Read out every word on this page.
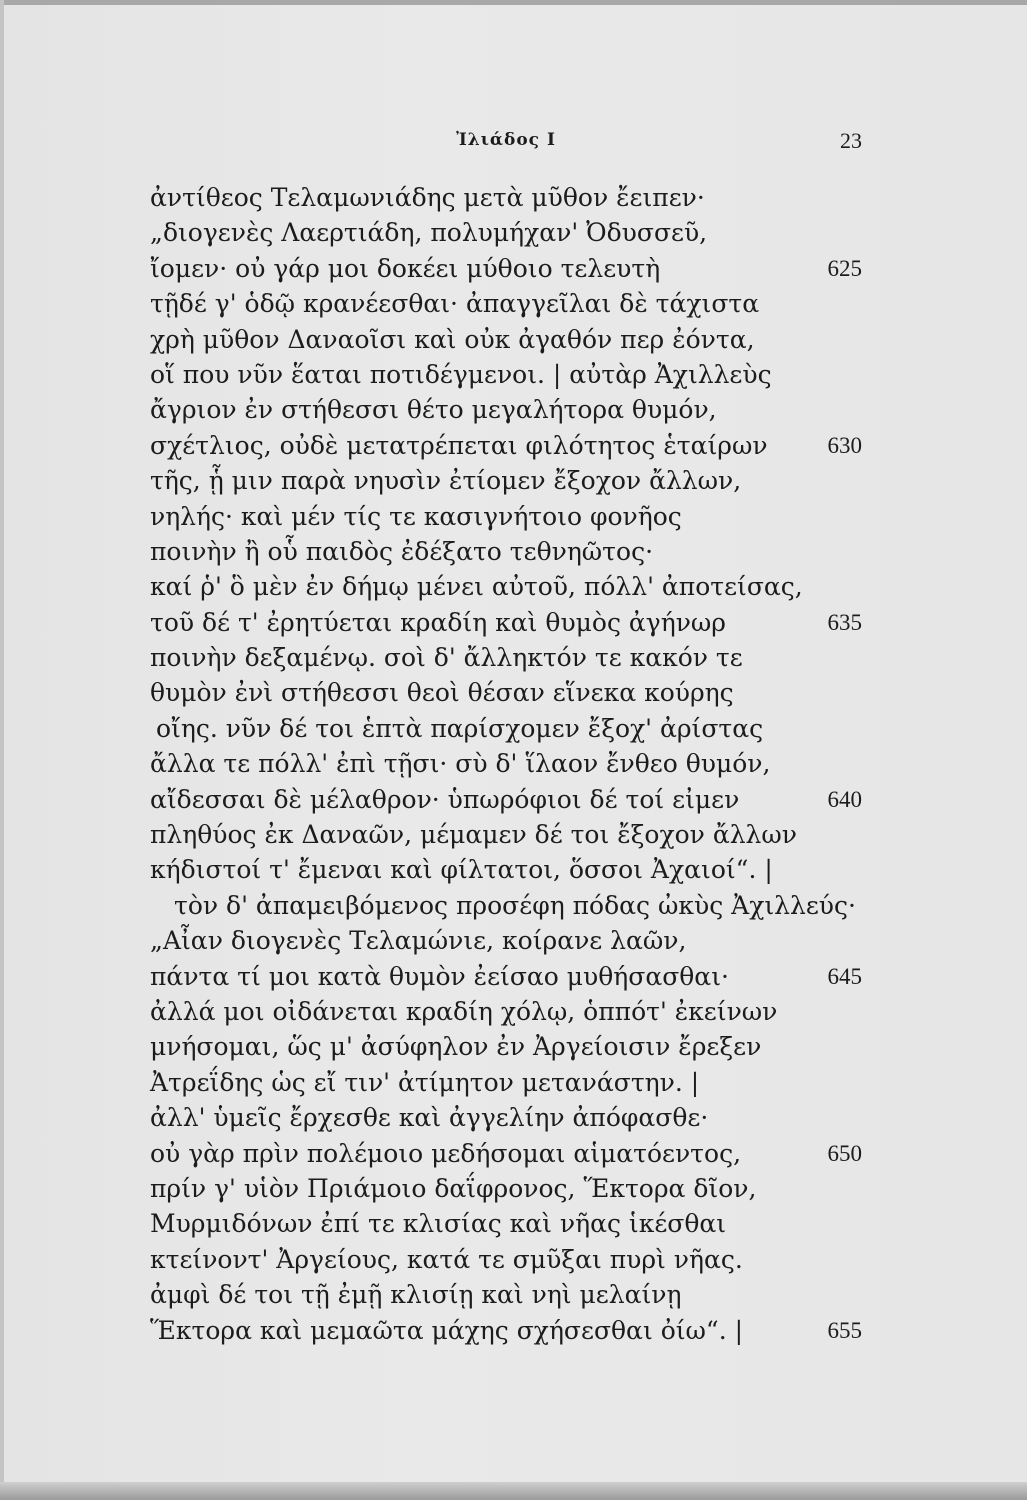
Ἰλιάδος Ι	23
ἀντίθεος Τελαμωνιάδης μετὰ μῦθον ἔειπεν·
„διογενὲς Λαερτιάδη, πολυμήχαν' Ὀδυσσεῦ,
ἴομεν· οὐ γάρ μοι δοκέει μύθοιο τελευτὴ	625
τῇδέ γ' ὁδῷ κρανέεσθαι· ἀπαγγεῖλαι δὲ τάχιστα
χρὴ μῦθον Δαναοῖσι καὶ οὐκ ἀγαθόν περ ἐόντα,
οἵ που νῦν ἕαται ποτιδέγμενοι. | αὐτὰρ Ἀχιλλεὺς
ἄγριον ἐν στήθεσσι θέτο μεγαλήτορα θυμόν,
σχέτλιος, οὐδὲ μετατρέπεται φιλότητος ἑταίρων	630
τῆς, ᾗ μιν παρὰ νηυσὶν ἐτίομεν ἔξοχον ἄλλων,
νηλής· καὶ μέν τίς τε κασιγνήτοιο φονῆος
ποινὴν ἢ οὗ παιδὸς ἐδέξατο τεθνηῶτος·
καί ῥ' ὃ μὲν ἐν δήμῳ μένει αὐτοῦ, πόλλ' ἀποτείσας,
τοῦ δέ τ' ἐρητύεται κραδίη καὶ θυμὸς ἀγήνωρ	635
ποινὴν δεξαμένῳ. σοὶ δ' ἄλληκτόν τε κακόν τε
θυμὸν ἐνὶ στήθεσσι θεοὶ θέσαν εἵνεκα κούρης
οἴης. νῦν δέ τοι ἑπτὰ παρίσχομεν ἔξοχ' ἀρίστας
ἄλλα τε πόλλ' ἐπὶ τῇσι· σὺ δ' ἵλαον ἔνθεο θυμόν,
αἴδεσσαι δὲ μέλαθρον· ὑπωρόφιοι δέ τοί εἰμεν	640
πληθύος ἐκ Δαναῶν, μέμαμεν δέ τοι ἔξοχον ἄλλων
κήδιστοί τ' ἔμεναι καὶ φίλτατοι, ὅσσοι Ἀχαιοί“. |
τὸν δ' ἀπαμειβόμενος προσέφη πόδας ὠκὺς Ἀχιλλεύς·
„Αἶαν διογενὲς Τελαμώνιε, κοίρανε λαῶν,
πάντα τί μοι κατὰ θυμὸν ἐείσαο μυθήσασθαι·	645
ἀλλά μοι οἰδάνεται κραδίη χόλῳ, ὁππότ' ἐκείνων
μνήσομαι, ὥς μ' ἀσύφηλον ἐν Ἀργείοισιν ἔρεξεν
Ἀτρεΐδης ὡς εἴ τιν' ἀτίμητον μετανάστην. |
ἀλλ' ὑμεῖς ἔρχεσθε καὶ ἀγγελίην ἀπόφασθε·
οὐ γὰρ πρὶν πολέμοιο μεδήσομαι αἱματόεντος,	650
πρίν γ' υἱὸν Πριάμοιο δαΐφρονος, Ἕκτορα δῖον,
Μυρμιδόνων ἐπί τε κλισίας καὶ νῆας ἱκέσθαι
κτείνοντ' Ἀργείους, κατά τε σμῦξαι πυρὶ νῆας.
ἀμφὶ δέ τοι τῇ ἐμῇ κλισίῃ καὶ νηὶ μελαίνῃ
Ἕκτορα καὶ μεμαῶτα μάχης σχήσεσθαι ὀίω“. |	655
